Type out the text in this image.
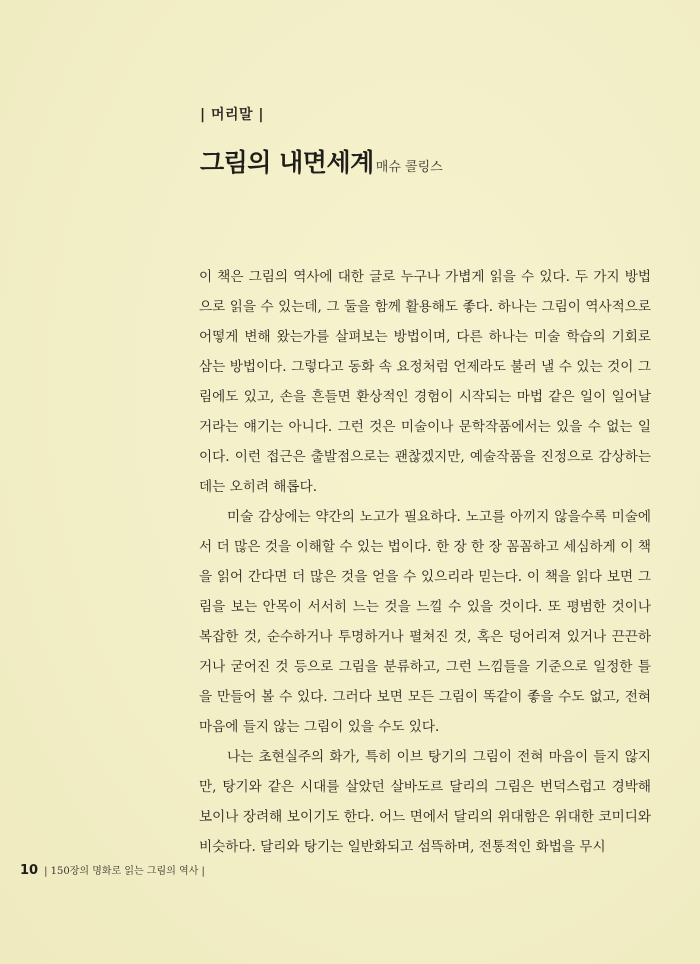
| 머리말 |
그림의 내면세계 매슈 콜링스

이 책은 그림의 역사에 대한 글로 누구나 가볍게 읽을 수 있다. 두 가지 방법으로 읽을 수 있는데, 그 둘을 함께 활용해도 좋다. 하나는 그림이 역사적으로 어떻게 변해 왔는가를 살펴보는 방법이며, 다른 하나는 미술 학습의 기회로 삼는 방법이다. 그렇다고 동화 속 요정처럼 언제라도 불러 낼 수 있는 것이 그림에도 있고, 손을 흔들면 환상적인 경험이 시작되는 마법 같은 일이 일어날 거라는 얘기는 아니다. 그런 것은 미술이나 문학작품에서는 있을 수 없는 일이다. 이런 접근은 출발점으로는 괜찮겠지만, 예술작품을 진정으로 감상하는 데는 오히려 해롭다.

미술 감상에는 약간의 노고가 필요하다. 노고를 아끼지 않을수록 미술에서 더 많은 것을 이해할 수 있는 법이다. 한 장 한 장 꼼꼼하고 세심하게 이 책을 읽어 간다면 더 많은 것을 얻을 수 있으리라 믿는다. 이 책을 읽다 보면 그림을 보는 안목이 서서히 느는 것을 느낄 수 있을 것이다. 또 평범한 것이나 복잡한 것, 순수하거나 투명하거나 펼쳐진 것, 혹은 덩어리져 있거나 끈끈하거나 굳어진 것 등으로 그림을 분류하고, 그런 느낌들을 기준으로 일정한 틀을 만들어 볼 수 있다. 그러다 보면 모든 그림이 똑같이 좋을 수도 없고, 전혀 마음에 들지 않는 그림이 있을 수도 있다.

나는 초현실주의 화가, 특히 이브 탕기의 그림이 전혀 마음이 들지 않지만, 탕기와 같은 시대를 살았던 살바도르 달리의 그림은 번덕스럽고 경박해 보이나 장려해 보이기도 한다. 어느 면에서 달리의 위대함은 위대한 코미디와 비슷하다. 달리와 탕기는 일반화되고 섬뜩하며, 전통적인 화법을 무시

10 | 150장의 명화로 읽는 그림의 역사 |
